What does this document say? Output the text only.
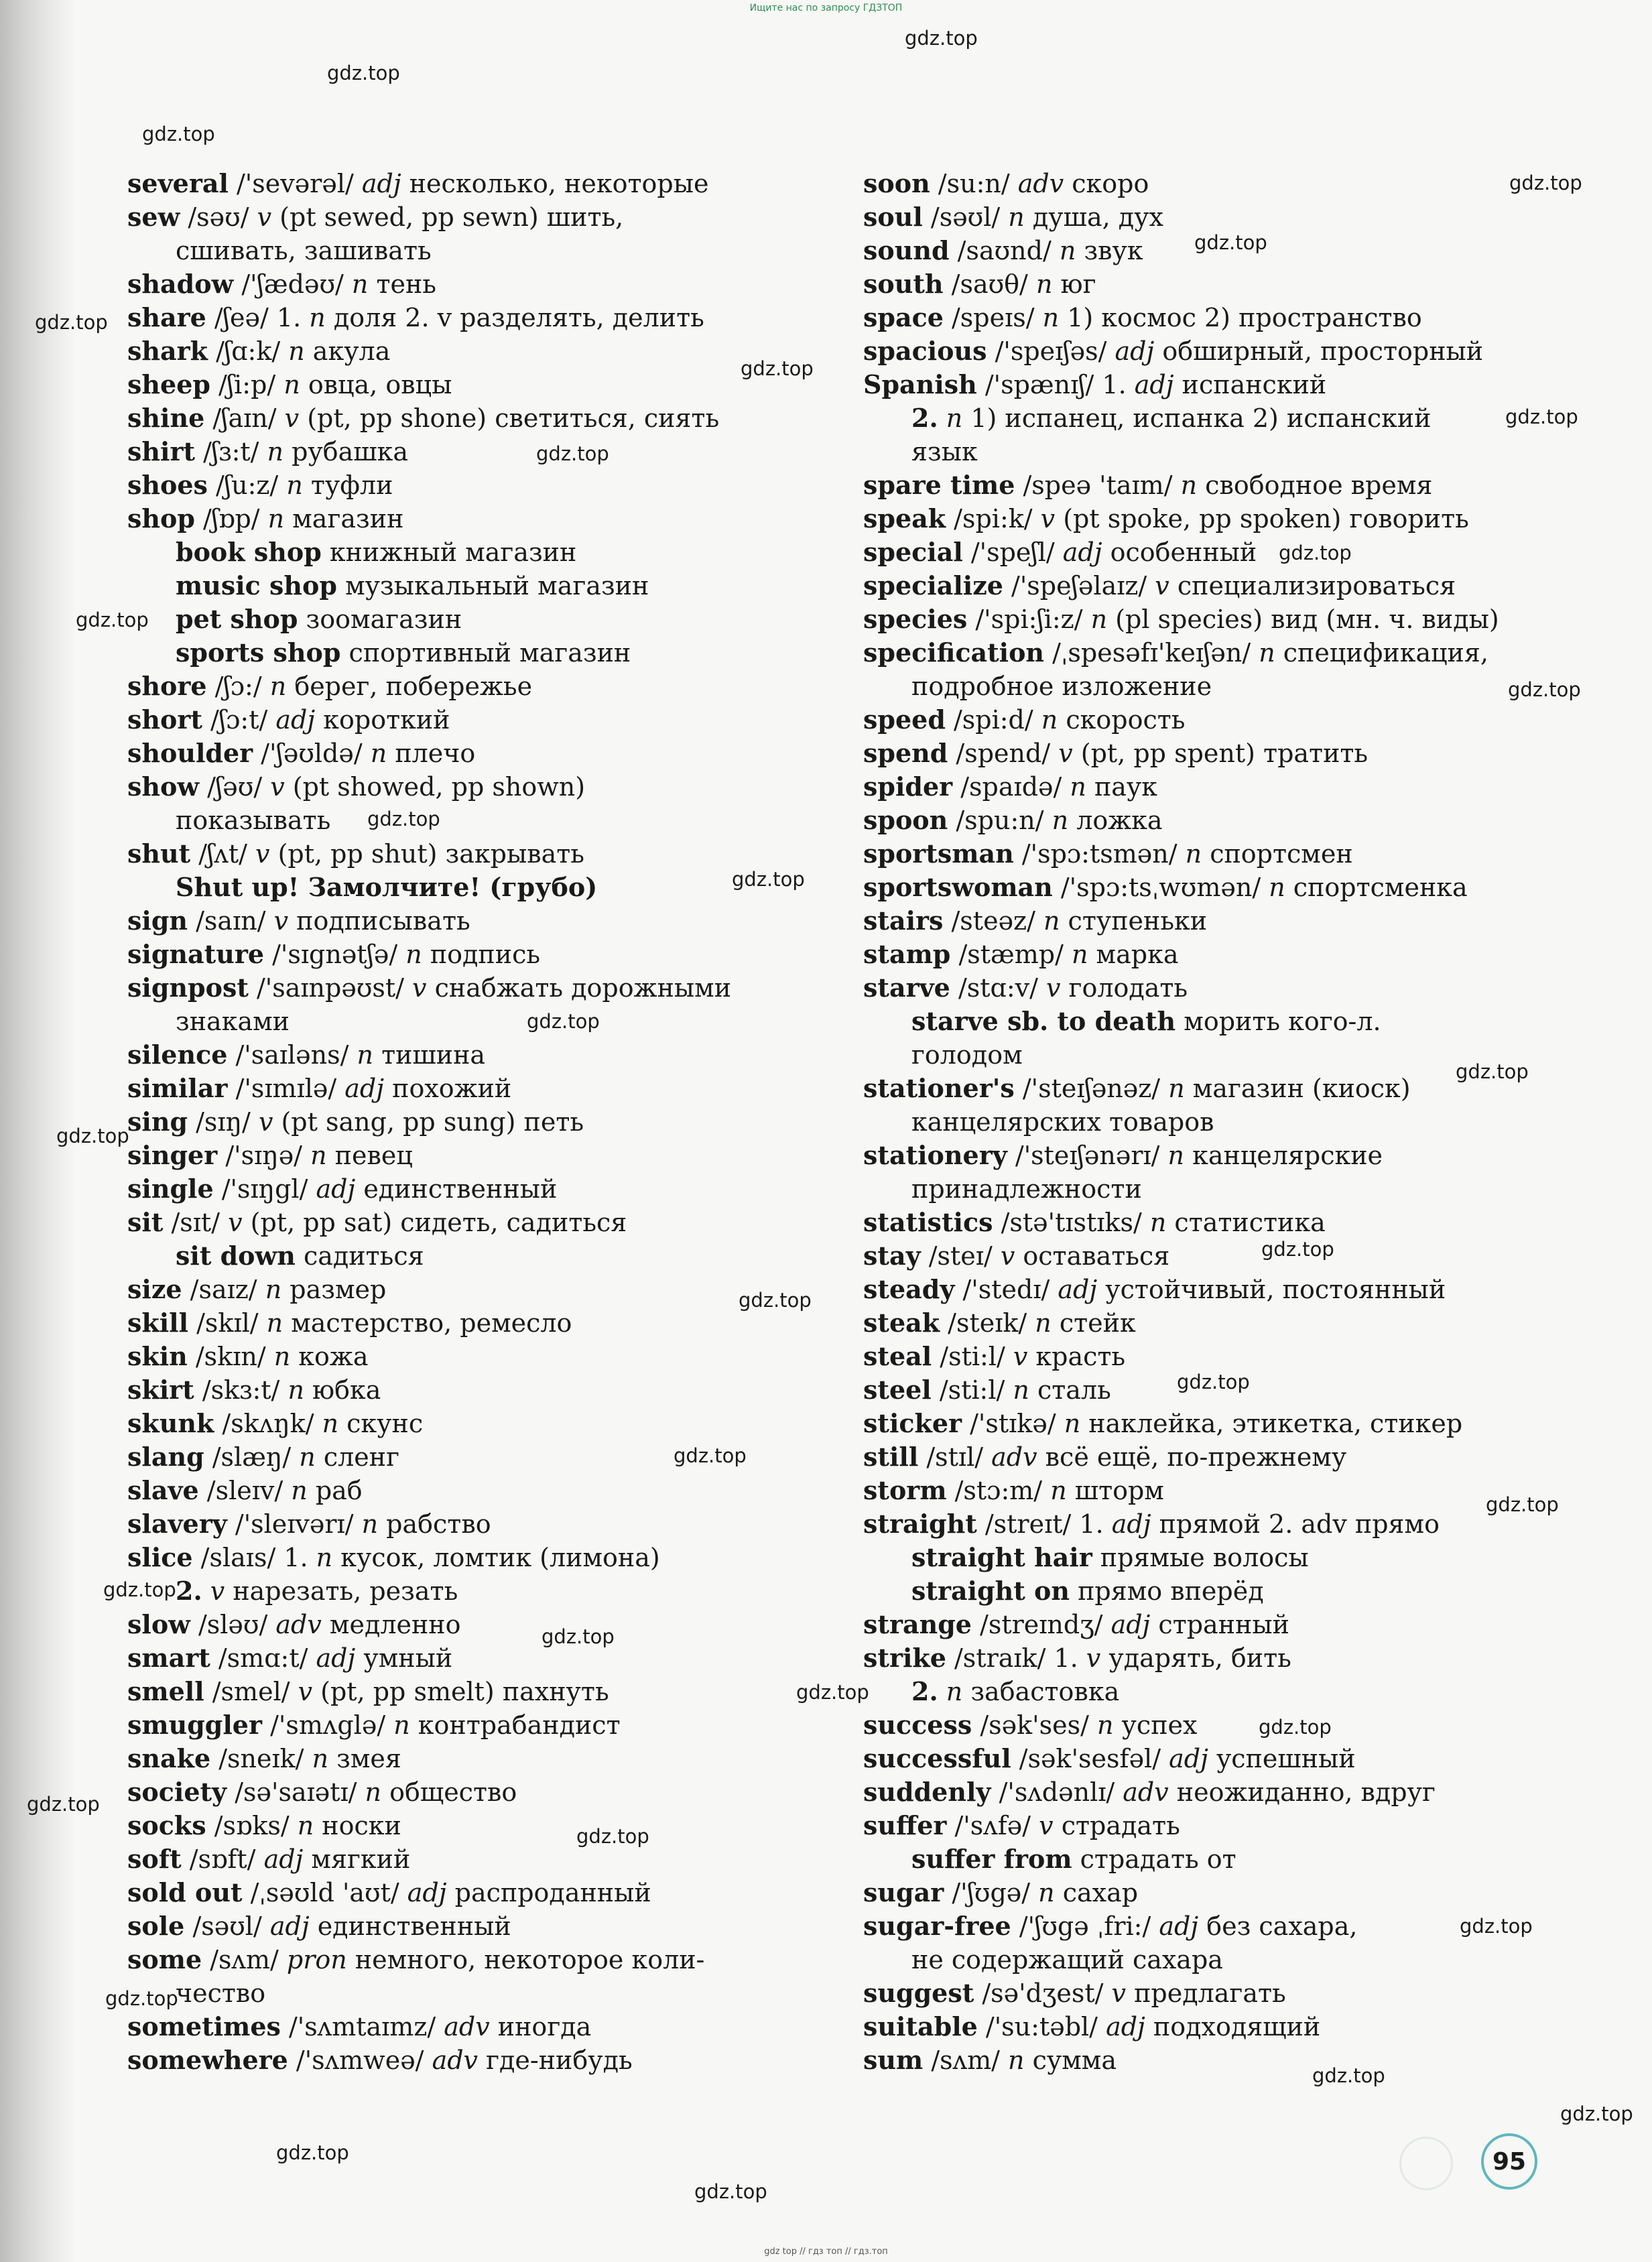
Ищите нас по запросу ГДЗТОП
several /'sevərəl/ adj несколько, некоторые
sew /səʊ/ v (pt sewed, pp sewn) шить,
сшивать, зашивать
shadow /'ʃædəʊ/ n тень
share /ʃeə/ 1. n доля 2. v разделять, делить
shark /ʃɑ:k/ n акула
sheep /ʃi:p/ n овца, овцы
shine /ʃaɪn/ v (pt, pp shone) светиться, сиять
shirt /ʃɜ:t/ n рубашка
shoes /ʃu:z/ n туфли
shop /ʃɒp/ n магазин
book shop книжный магазин
music shop музыкальный магазин
pet shop зоомагазин
sports shop спортивный магазин
shore /ʃɔ:/ n берег, побережье
short /ʃɔ:t/ adj короткий
shoulder /'ʃəʊldə/ n плечо
show /ʃəʊ/ v (pt showed, pp shown)
показывать
shut /ʃʌt/ v (pt, pp shut) закрывать
Shut up! Замолчите! (грубо)
sign /saɪn/ v подписывать
signature /'sɪgnətʃə/ n подпись
signpost /'saɪnpəʊst/ v снабжать дорожными
знаками
silence /'saɪləns/ n тишина
similar /'sɪmɪlə/ adj похожий
sing /sɪŋ/ v (pt sang, pp sung) петь
singer /'sɪŋə/ n певец
single /'sɪŋgl/ adj единственный
sit /sɪt/ v (pt, pp sat) сидеть, садиться
sit down садиться
size /saɪz/ n размер
skill /skɪl/ n мастерство, ремесло
skin /skɪn/ n кожа
skirt /skɜ:t/ n юбка
skunk /skʌŋk/ n скунс
slang /slæŋ/ n сленг
slave /sleɪv/ n раб
slavery /'sleɪvərɪ/ n рабство
slice /slaɪs/ 1. n кусок, ломтик (лимона)
2. v нарезать, резать
slow /sləʊ/ adv медленно
smart /smɑ:t/ adj умный
smell /smel/ v (pt, pp smelt) пахнуть
smuggler /'smʌglə/ n контрабандист
snake /sneɪk/ n змея
society /sə'saɪətɪ/ n общество
socks /sɒks/ n носки
soft /sɒft/ adj мягкий
sold out /ˌsəʊld 'aʊt/ adj распроданный
sole /səʊl/ adj единственный
some /sʌm/ pron немного, некоторое коли-
чество
sometimes /'sʌmtaɪmz/ adv иногда
somewhere /'sʌmweə/ adv где-нибудь
soon /su:n/ adv скоро
soul /səʊl/ n душа, дух
sound /saʊnd/ n звук
south /saʊθ/ n юг
space /speɪs/ n 1) космос 2) пространство
spacious /'speɪʃəs/ adj обширный, просторный
Spanish /'spænɪʃ/ 1. adj испанский
2. n 1) испанец, испанка 2) испанский
язык
spare time /speə 'taɪm/ n свободное время
speak /spi:k/ v (pt spoke, pp spoken) говорить
special /'speʃl/ adj особенный
specialize /'speʃəlaɪz/ v специализироваться
species /'spi:ʃi:z/ n (pl species) вид (мн. ч. виды)
specification /ˌspesəfɪ'keɪʃən/ n спецификация,
подробное изложение
speed /spi:d/ n скорость
spend /spend/ v (pt, pp spent) тратить
spider /spaɪdə/ n паук
spoon /spu:n/ n ложка
sportsman /'spɔ:tsmən/ n спортсмен
sportswoman /'spɔ:tsˌwʊmən/ n спортсменка
stairs /steəz/ n ступеньки
stamp /stæmp/ n марка
starve /stɑ:v/ v голодать
starve sb. to death морить кого-л.
голодом
stationer's /'steɪʃənəz/ n магазин (киоск)
канцелярских товаров
stationery /'steɪʃənərɪ/ n канцелярские
принадлежности
statistics /stə'tɪstɪks/ n статистика
stay /steɪ/ v оставаться
steady /'stedɪ/ adj устойчивый, постоянный
steak /steɪk/ n стейк
steal /sti:l/ v красть
steel /sti:l/ n сталь
sticker /'stɪkə/ n наклейка, этикетка, стикер
still /stɪl/ adv всё ещё, по-прежнему
storm /stɔ:m/ n шторм
straight /streɪt/ 1. adj прямой 2. adv прямо
straight hair прямые волосы
straight on прямо вперёд
strange /streɪndʒ/ adj странный
strike /straɪk/ 1. v ударять, бить
2. n забастовка
success /sək'ses/ n успех
successful /sək'sesfəl/ adj успешный
suddenly /'sʌdənlɪ/ adv неожиданно, вдруг
suffer /'sʌfə/ v страдать
suffer from страдать от
sugar /'ʃʊgə/ n сахар
sugar-free /'ʃʊgə ˌfri:/ adj без сахара,
не содержащий сахара
suggest /sə'dʒest/ v предлагать
suitable /'su:təbl/ adj подходящий
sum /sʌm/ n сумма
gdz.top
gdz.top
gdz.top
gdz.top
gdz.top
gdz.top
gdz.top
gdz.top
gdz.top
gdz.top
gdz.top
gdz.top
gdz.top
gdz.top
gdz.top
gdz.top
gdz.top
gdz.top
gdz.top
gdz.top
gdz.top
gdz.top
gdz.top
gdz.top
gdz.top
gdz.top
gdz.top
gdz.top
gdz.top
gdz.top
gdz.top
gdz.top
gdz.top
gdz.top
95
gdz top // гдз топ // гдз.топ
